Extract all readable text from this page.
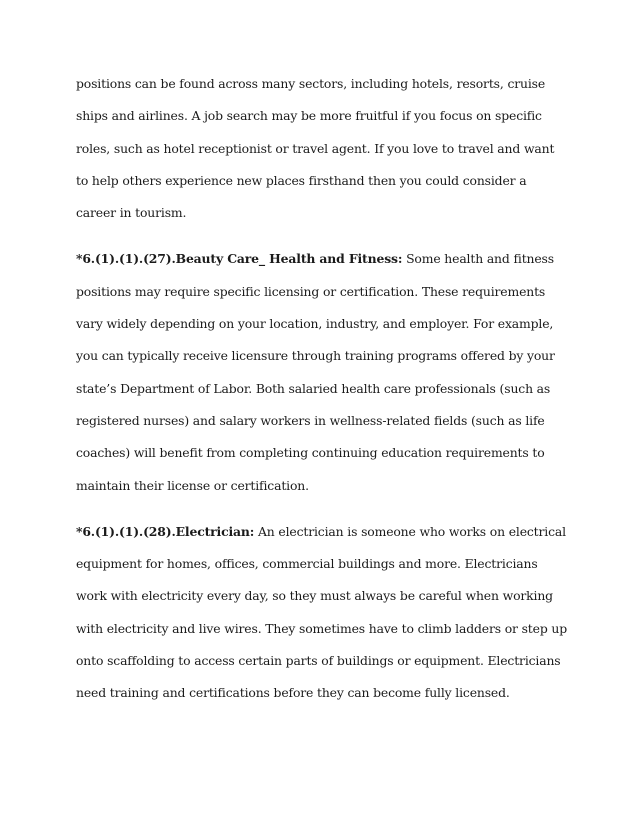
positions can be found across many sectors, including hotels, resorts, cruise ships and airlines. A job search may be more fruitful if you focus on specific roles, such as hotel receptionist or travel agent. If you love to travel and want to help others experience new places firsthand then you could consider a career in tourism.

*6.(1).(1).(27).Beauty Care_ Health and Fitness: Some health and fitness positions may require specific licensing or certification. These requirements vary widely depending on your location, industry, and employer. For example, you can typically receive licensure through training programs offered by your state’s Department of Labor. Both salaried health care professionals (such as registered nurses) and salary workers in wellness-related fields (such as life coaches) will benefit from completing continuing education requirements to maintain their license or certification.

*6.(1).(1).(28).Electrician: An electrician is someone who works on electrical equipment for homes, offices, commercial buildings and more. Electricians work with electricity every day, so they must always be careful when working with electricity and live wires. They sometimes have to climb ladders or step up onto scaffolding to access certain parts of buildings or equipment. Electricians need training and certifications before they can become fully licensed.
